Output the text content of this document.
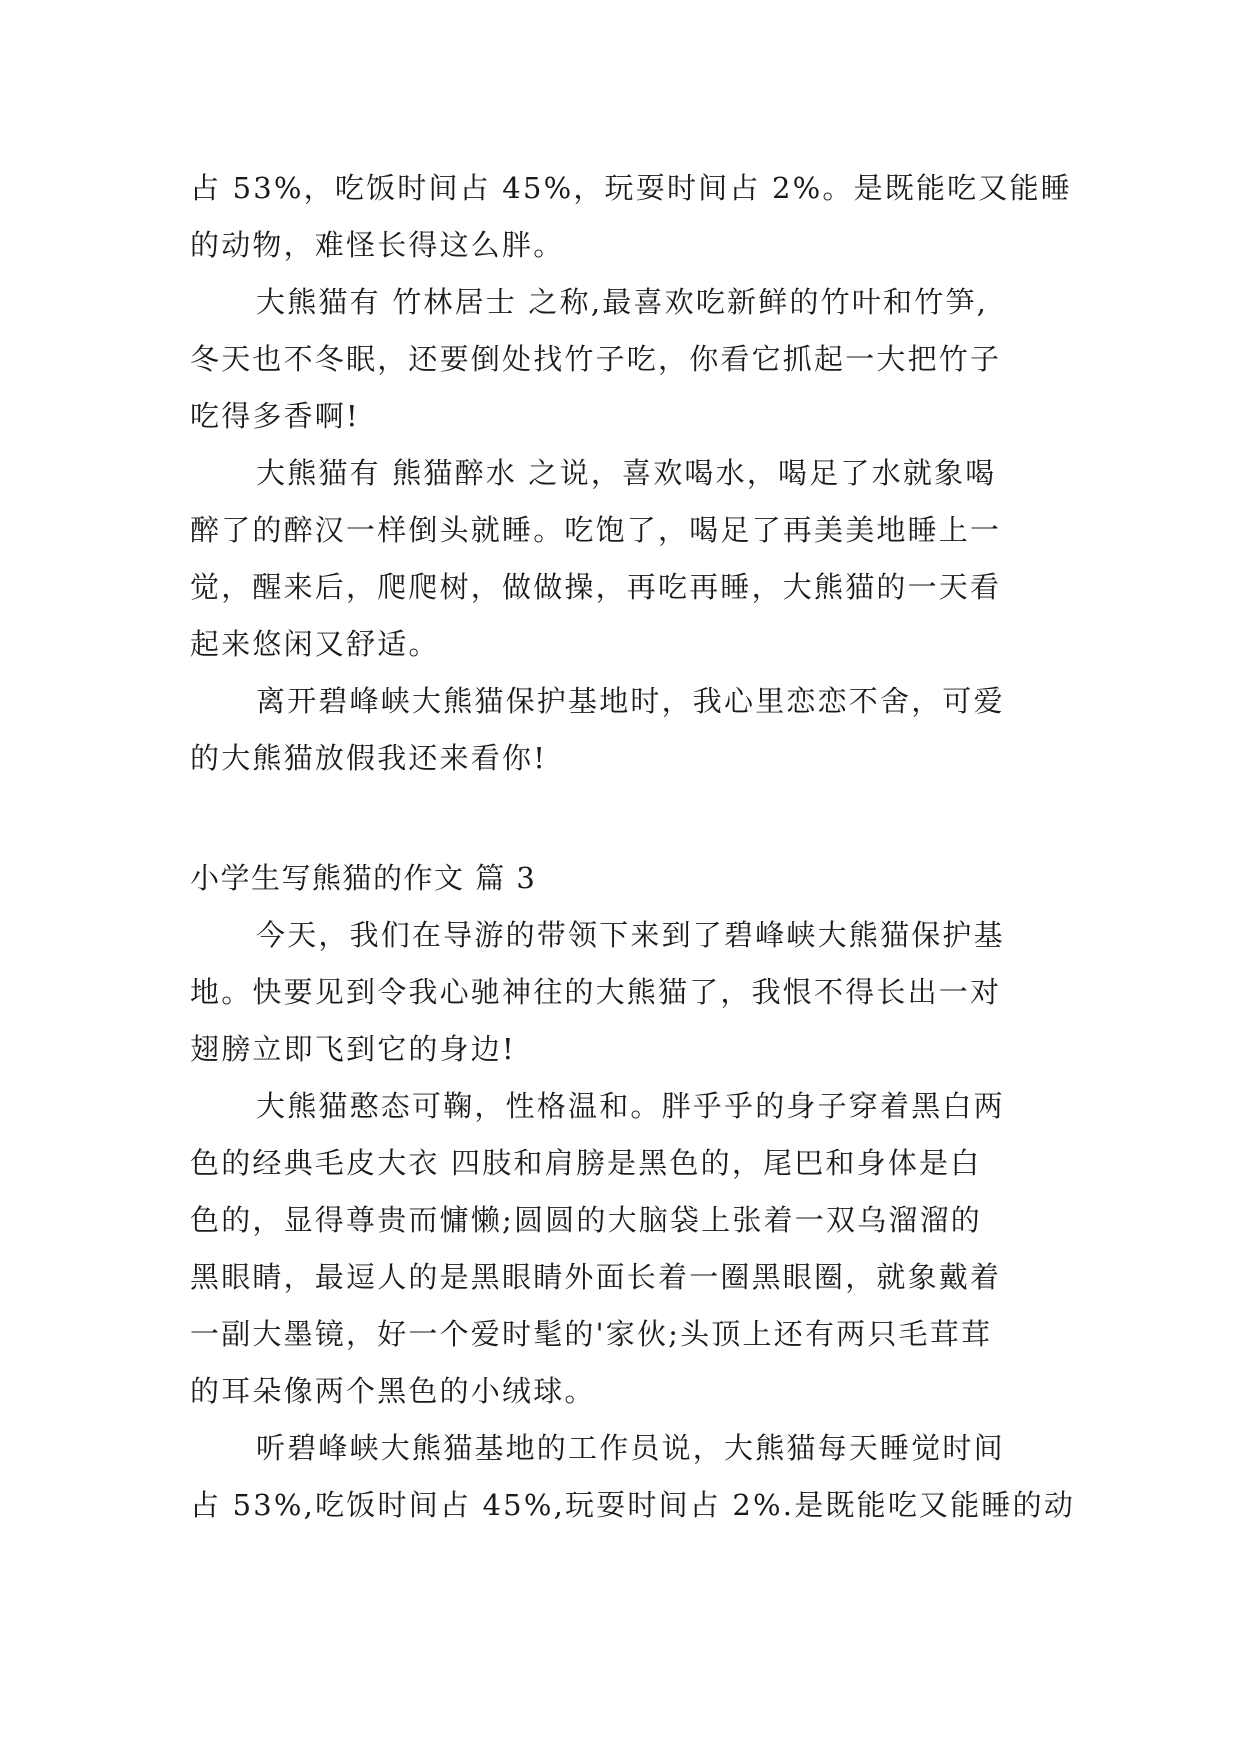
占 53%，吃饭时间占 45%，玩耍时间占 2%。是既能吃又能睡

的动物，难怪长得这么胖。

大熊猫有 竹林居士 之称,最喜欢吃新鲜的竹叶和竹笋,

冬天也不冬眠，还要倒处找竹子吃，你看它抓起一大把竹子

吃得多香啊!

大熊猫有 熊猫醉水 之说，喜欢喝水，喝足了水就象喝

醉了的醉汉一样倒头就睡。吃饱了，喝足了再美美地睡上一

觉，醒来后，爬爬树，做做操，再吃再睡，大熊猫的一天看

起来悠闲又舒适。

离开碧峰峡大熊猫保护基地时，我心里恋恋不舍，可爱

的大熊猫放假我还来看你!

小学生写熊猫的作文 篇 3

今天，我们在导游的带领下来到了碧峰峡大熊猫保护基

地。快要见到令我心驰神往的大熊猫了，我恨不得长出一对

翅膀立即飞到它的身边!

大熊猫憨态可鞠，性格温和。胖乎乎的身子穿着黑白两

色的经典毛皮大衣 四肢和肩膀是黑色的，尾巴和身体是白

色的，显得尊贵而慵懒;圆圆的大脑袋上张着一双乌溜溜的

黑眼睛，最逗人的是黑眼睛外面长着一圈黑眼圈，就象戴着

一副大墨镜，好一个爱时髦的'家伙;头顶上还有两只毛茸茸

的耳朵像两个黑色的小绒球。

听碧峰峡大熊猫基地的工作员说，大熊猫每天睡觉时间

占 53%,吃饭时间占 45%,玩耍时间占 2%.是既能吃又能睡的动
